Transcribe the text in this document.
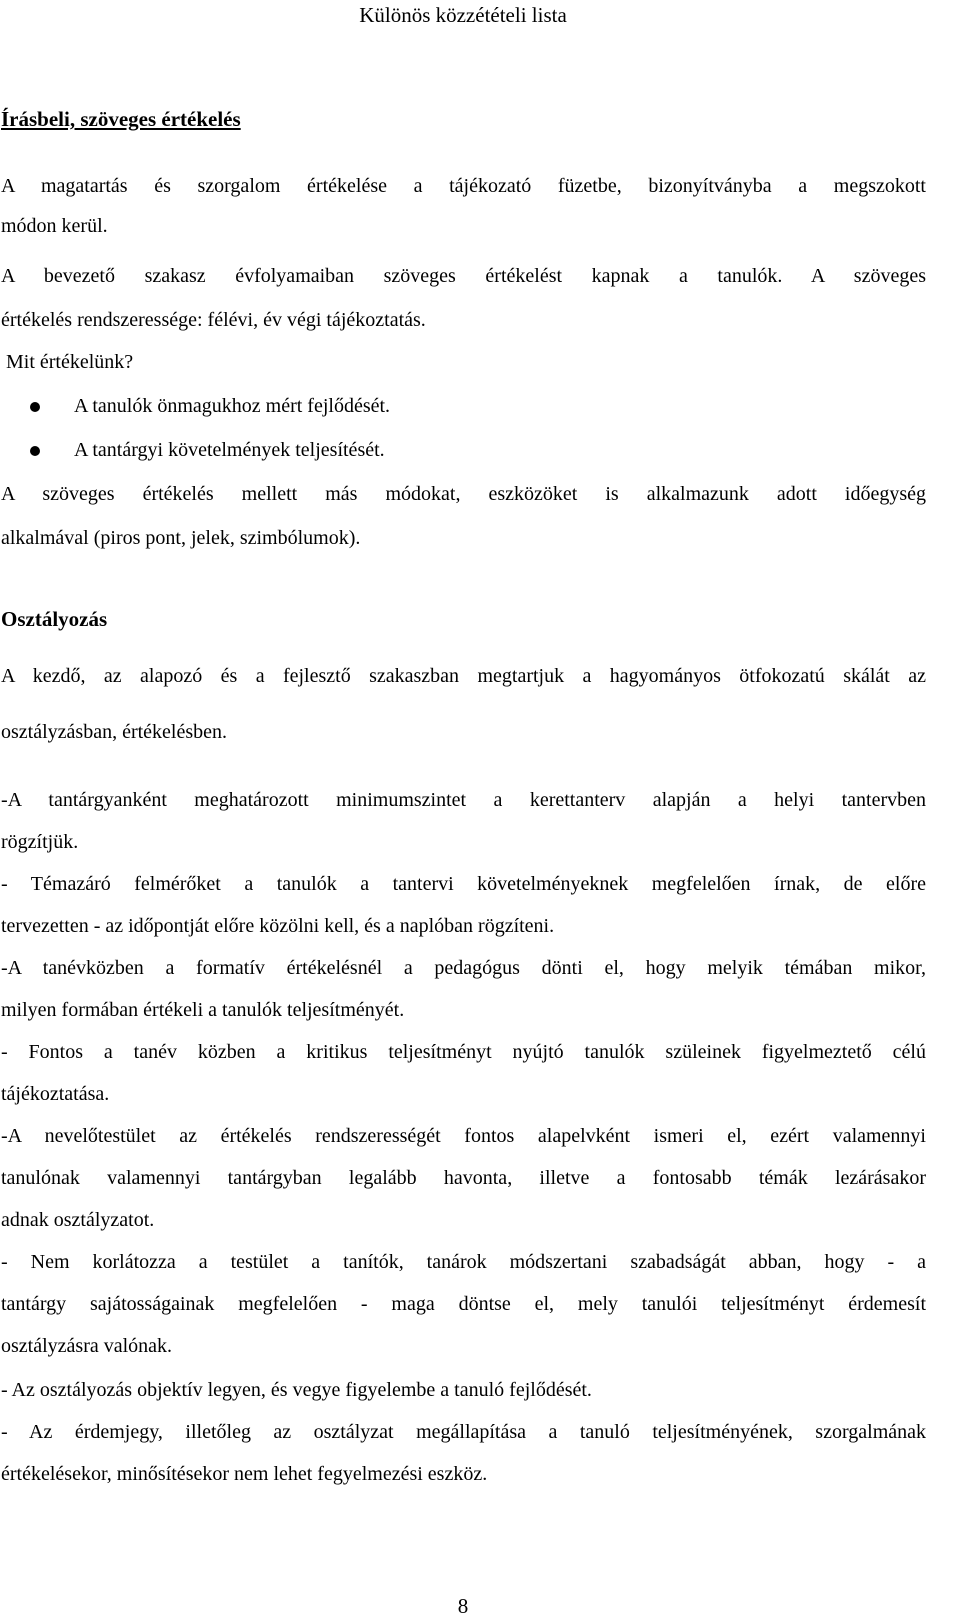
Különös közzétételi lista
Írásbeli, szöveges értékelés
A magatartás és szorgalom értékelése a tájékozató füzetbe, bizonyítványba a megszokott
módon kerül.
A bevezető szakasz évfolyamaiban szöveges értékelést kapnak a tanulók. A szöveges
értékelés rendszeressége: félévi, év végi tájékoztatás.
Mit értékelünk?
A tanulók önmagukhoz mért fejlődését.
A tantárgyi követelmények teljesítését.
A szöveges értékelés mellett más módokat, eszközöket is alkalmazunk adott időegység
alkalmával (piros pont, jelek, szimbólumok).
Osztályozás
A kezdő, az alapozó és a fejlesztő szakaszban megtartjuk a hagyományos ötfokozatú skálát az
osztályzásban, értékelésben.
-A tantárgyanként meghatározott minimumszintet a kerettanterv alapján a helyi tantervben
rögzítjük.
- Témazáró felmérőket a tanulók a tantervi követelményeknek megfelelően írnak, de előre
tervezetten - az időpontját előre közölni kell, és a naplóban rögzíteni.
-A tanévközben a formatív értékelésnél a pedagógus dönti el, hogy melyik témában mikor,
milyen formában értékeli a tanulók teljesítményét.
- Fontos a tanév közben a kritikus teljesítményt nyújtó tanulók szüleinek figyelmeztető célú
tájékoztatása.
-A nevelőtestület az értékelés rendszerességét fontos alapelvként ismeri el, ezért valamennyi
tanulónak valamennyi tantárgyban legalább havonta, illetve a fontosabb témák lezárásakor
adnak osztályzatot.
- Nem korlátozza a testület a tanítók, tanárok módszertani szabadságát abban, hogy - a
tantárgy sajátosságainak megfelelően - maga döntse el, mely tanulói teljesítményt érdemesít
osztályzásra valónak.
- Az osztályozás objektív legyen, és vegye figyelembe a tanuló fejlődését.
- Az érdemjegy, illetőleg az osztályzat megállapítása a tanuló teljesítményének, szorgalmának
értékelésekor, minősítésekor nem lehet fegyelmezési eszköz.
8
